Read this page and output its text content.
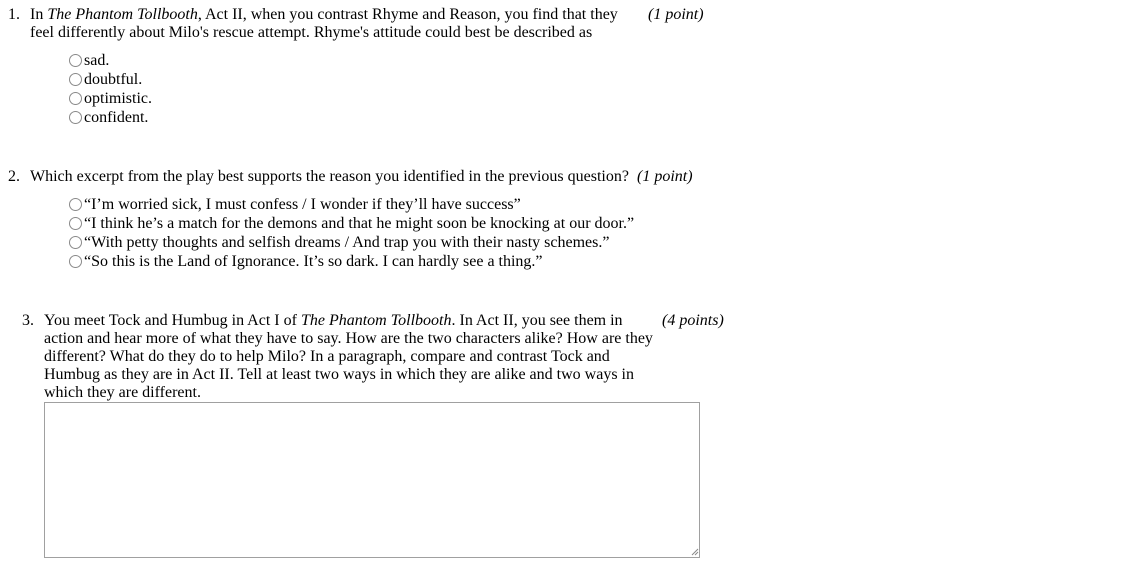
1. In The Phantom Tollbooth, Act II, when you contrast Rhyme and Reason, you find that they feel differently about Milo's rescue attempt. Rhyme's attitude could best be described as
(1 point)
sad.
doubtful.
optimistic.
confident.
2. Which excerpt from the play best supports the reason you identified in the previous question? (1 point)
“I’m worried sick, I must confess / I wonder if they’ll have success”
“I think he’s a match for the demons and that he might soon be knocking at our door.”
“With petty thoughts and selfish dreams / And trap you with their nasty schemes.”
“So this is the Land of Ignorance. It’s so dark. I can hardly see a thing.”
3. You meet Tock and Humbug in Act I of The Phantom Tollbooth. In Act II, you see them in action and hear more of what they have to say. How are the two characters alike? How are they different? What do they do to help Milo? In a paragraph, compare and contrast Tock and Humbug as they are in Act II. Tell at least two ways in which they are alike and two ways in which they are different.
(4 points)
